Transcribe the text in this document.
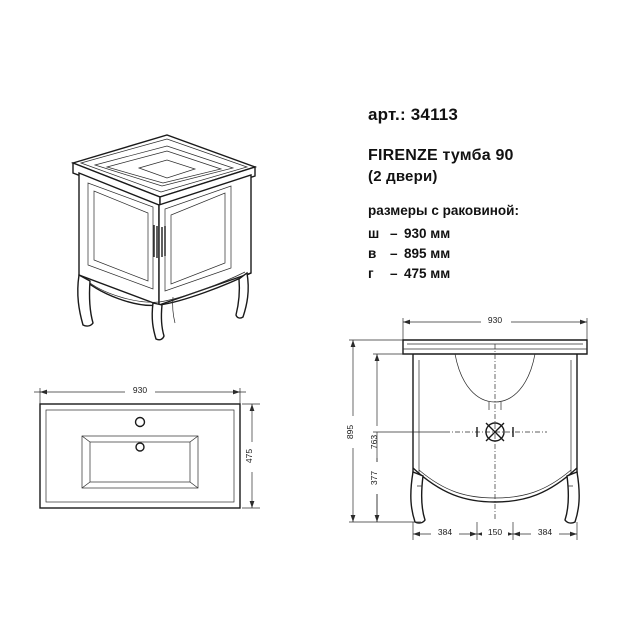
арт.: 34113
FIRENZE тумба 90
(2 двери)
размеры с раковиной:
ш – 930 мм
в	– 895 мм
г	– 475 мм
930
475
930
895
763
377
384	150	384
